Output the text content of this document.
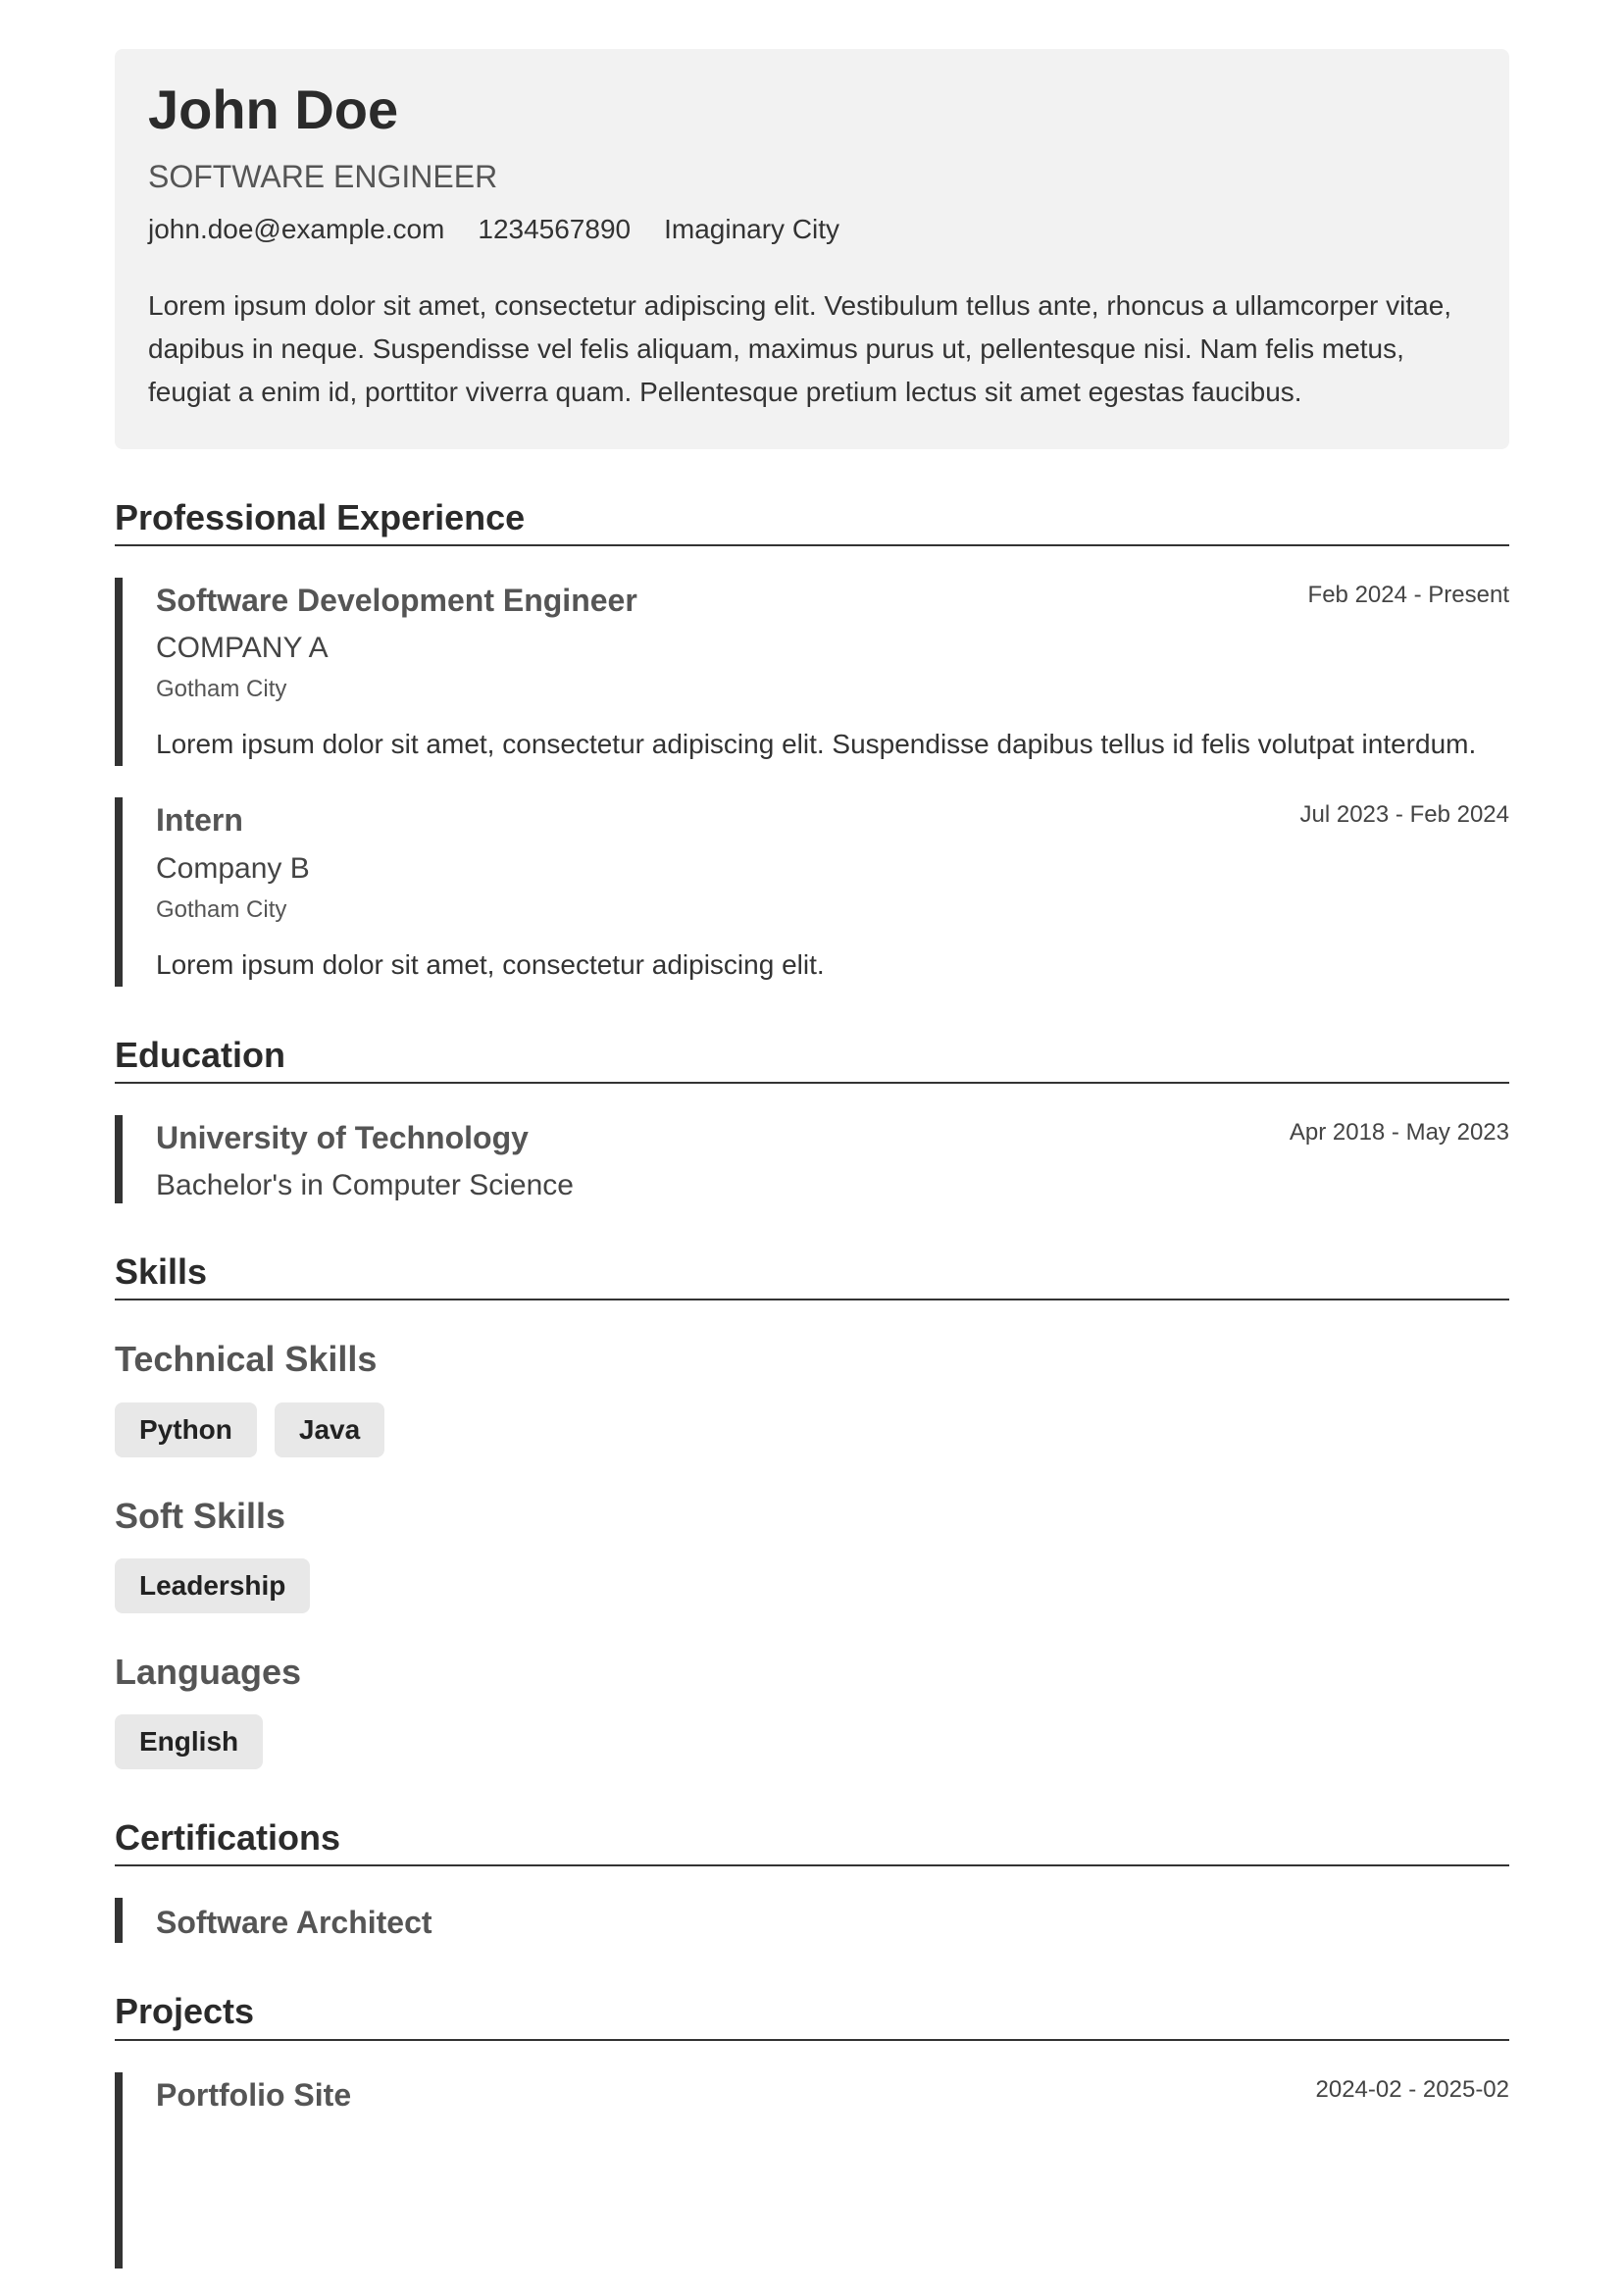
John Doe
SOFTWARE ENGINEER
john.doe@example.com 1234567890 Imaginary City
Lorem ipsum dolor sit amet, consectetur adipiscing elit. Vestibulum tellus ante, rhoncus a ullamcorper vitae, dapibus in neque. Suspendisse vel felis aliquam, maximus purus ut, pellentesque nisi. Nam felis metus, feugiat a enim id, porttitor viverra quam. Pellentesque pretium lectus sit amet egestas faucibus.
Professional Experience
Software Development Engineer	Feb 2024 - Present
COMPANY A
Gotham City
Lorem ipsum dolor sit amet, consectetur adipiscing elit. Suspendisse dapibus tellus id felis volutpat interdum.
Intern	Jul 2023 - Feb 2024
Company B
Gotham City
Lorem ipsum dolor sit amet, consectetur adipiscing elit.
Education
University of Technology	Apr 2018 - May 2023
Bachelor's in Computer Science
Skills
Technical Skills
Python	Java
Soft Skills
Leadership
Languages
English
Certifications
Software Architect
Projects
Portfolio Site	2024-02 - 2025-02
